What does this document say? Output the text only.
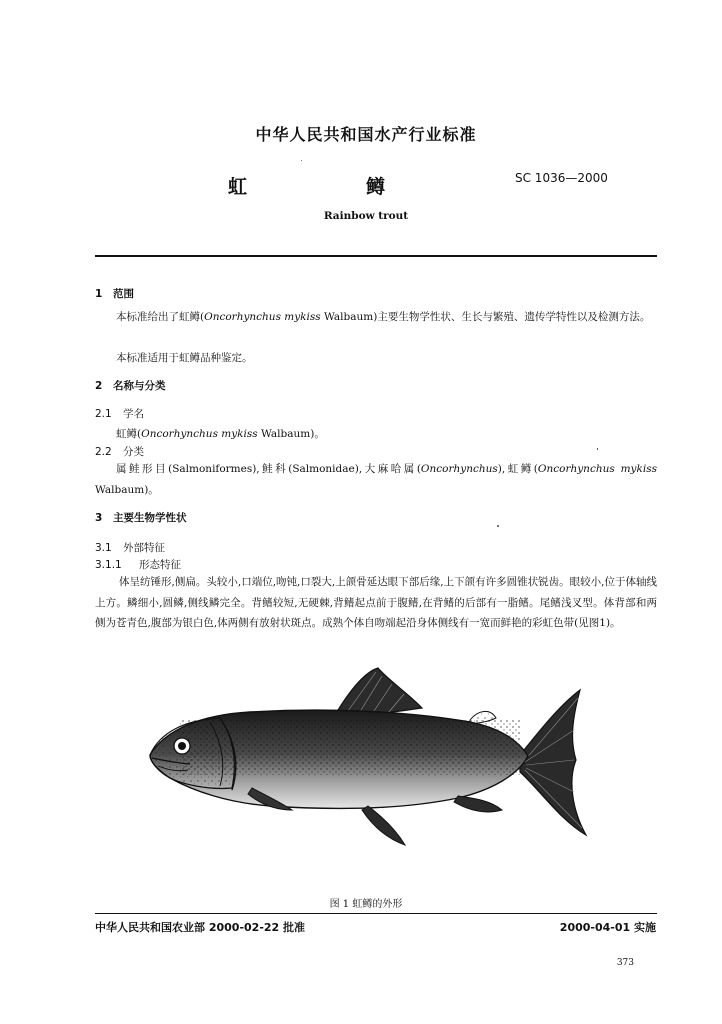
中华人民共和国水产行业标准
虹	鳟	SC 1036—2000
Rainbow trout
1 范围
本标准给出了虹鳟(Oncorhynchus mykiss Walbaum)主要生物学性状、生长与繁殖、遗传学特性以及检测方法。
本标准适用于虹鳟品种鉴定。
2 名称与分类
2.1 学名
虹鳟(Oncorhynchus mykiss Walbaum)。
2.2 分类
属鲑形目(Salmoniformes),鲑科(Salmonidae),大麻哈属(Oncorhynchus),虹鳟(Oncorhynchus mykiss Walbaum)。
3 主要生物学性状
3.1 外部特征
3.1.1 形态特征
体呈纺锤形,侧扁。头较小,口端位,吻钝,口裂大,上颌骨延达眼下部后缘,上下颌有许多圆锥状锐齿。眼较小,位于体轴线上方。鳞细小,圆鳞,侧线鳞完全。背鳍较短,无硬棘,背鳍起点前于腹鳍,在背鳍的后部有一脂鳍。尾鳍浅叉型。体背部和两侧为苍青色,腹部为银白色,体两侧有放射状斑点。成熟个体自吻端起沿身体侧线有一宽而鲜艳的彩虹色带(见图1)。
图 1 虹鳟的外形
中华人民共和国农业部 2000-02-22 批准	2000-04-01 实施
373
